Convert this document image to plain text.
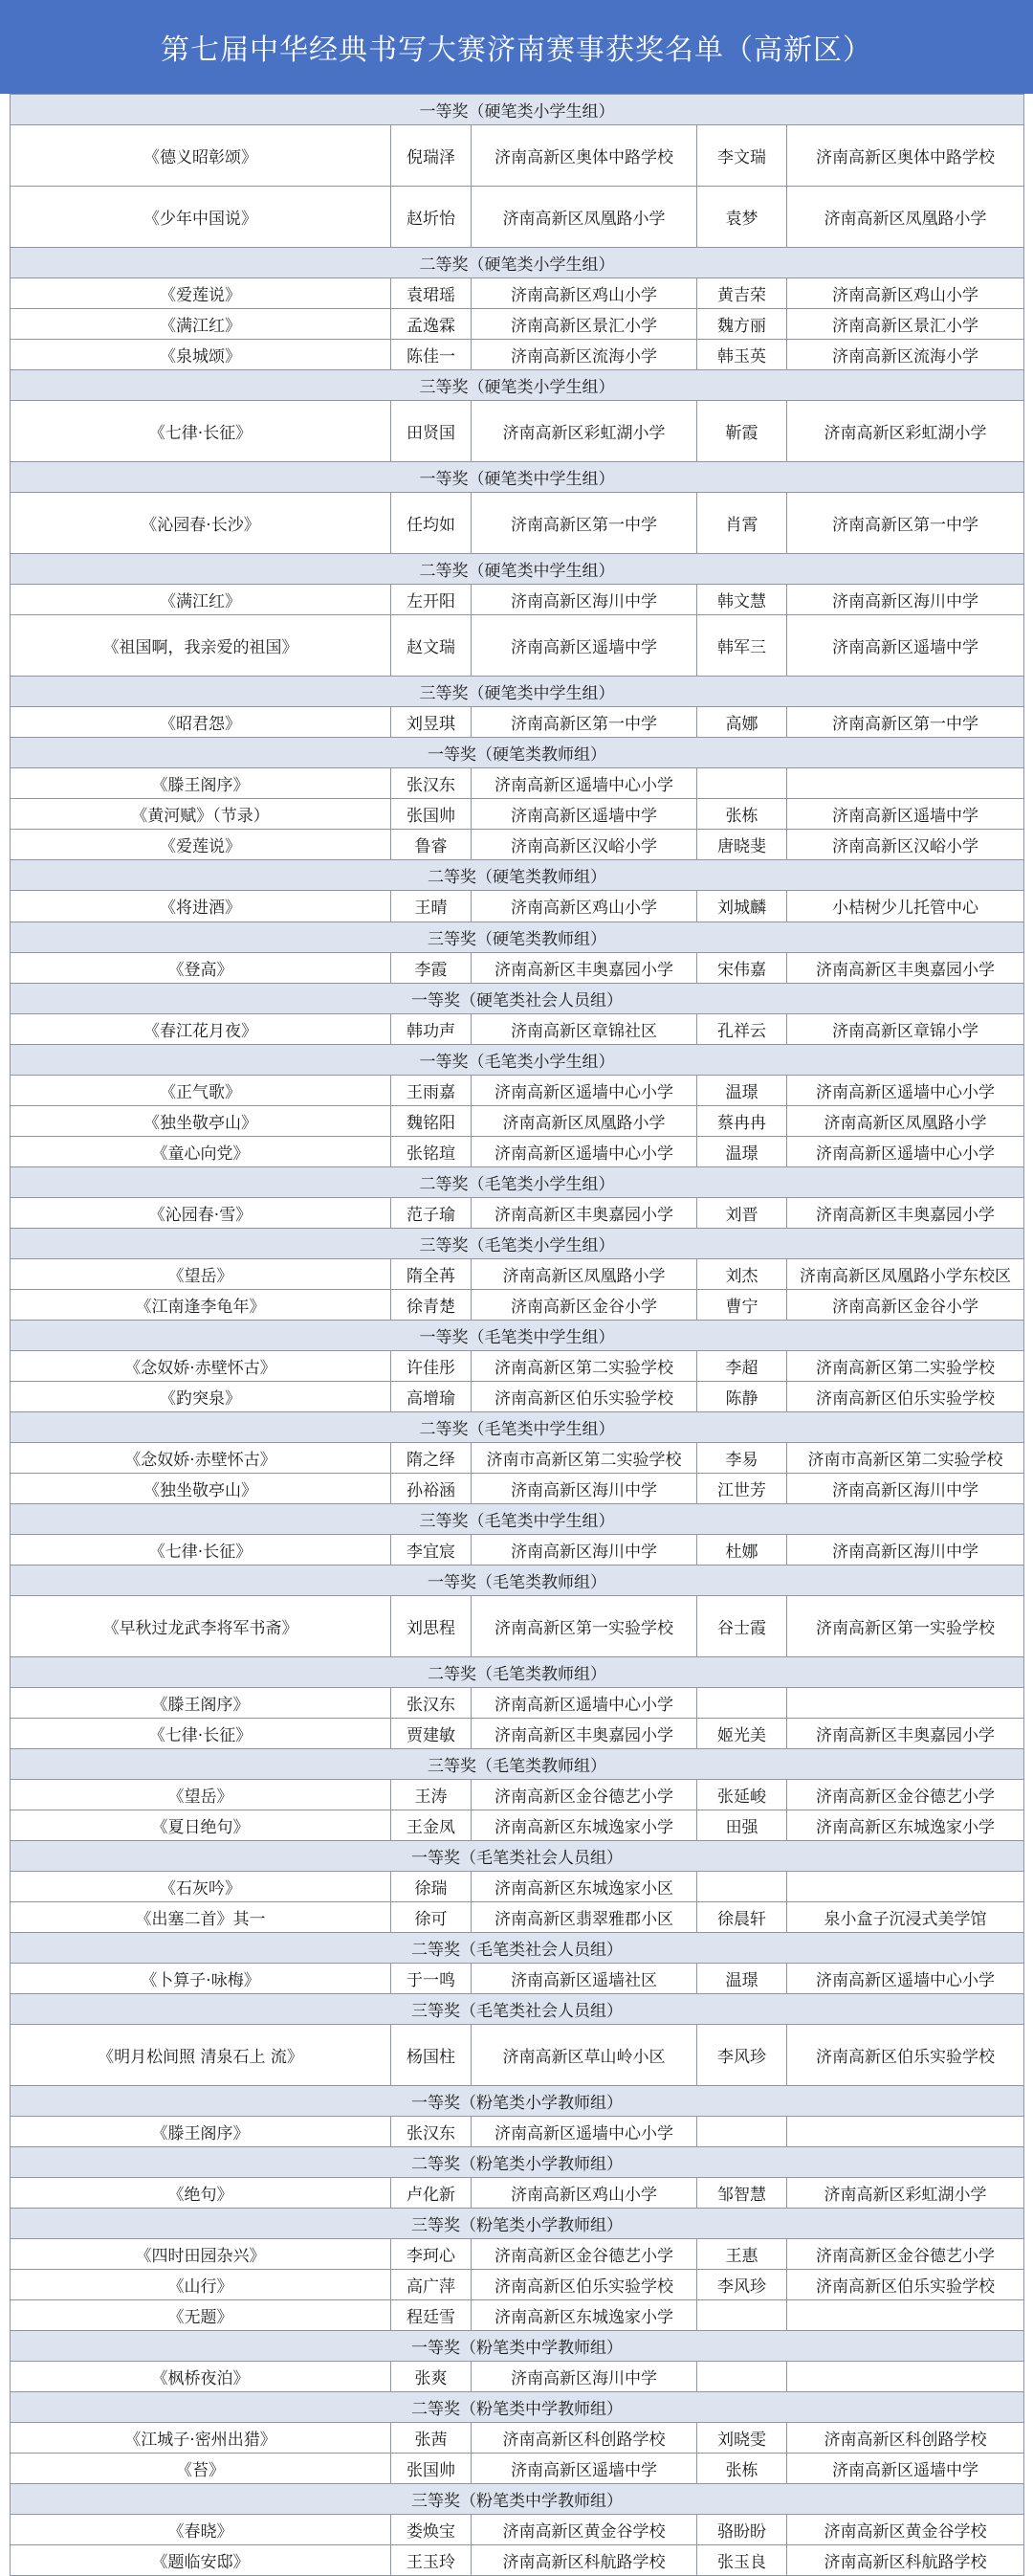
第七届中华经典书写大赛济南赛事获奖名单（高新区）
一等奖（硬笔类小学生组）				
《德义昭彰颂》	倪瑞泽	济南高新区奥体中路学校	李文瑞	济南高新区奥体中路学校
《少年中国说》	赵圻怡	济南高新区凤凰路小学	袁梦	济南高新区凤凰路小学
二等奖（硬笔类小学生组）				
《爱莲说》	袁珺瑶	济南高新区鸡山小学	黄吉荣	济南高新区鸡山小学
《满江红》	孟逸霖	济南高新区景汇小学	魏方丽	济南高新区景汇小学
《泉城颂》	陈佳一	济南高新区流海小学	韩玉英	济南高新区流海小学
三等奖（硬笔类小学生组）				
《七律·长征》	田贤国	济南高新区彩虹湖小学	靳霞	济南高新区彩虹湖小学
一等奖（硬笔类中学生组）				
《沁园春·长沙》	任均如	济南高新区第一中学	肖霄	济南高新区第一中学
二等奖（硬笔类中学生组）				
《满江红》	左开阳	济南高新区海川中学	韩文慧	济南高新区海川中学
《祖国啊，我亲爱的祖国》	赵文瑞	济南高新区遥墙中学	韩军三	济南高新区遥墙中学
三等奖（硬笔类中学生组）				
《昭君怨》	刘昱琪	济南高新区第一中学	高娜	济南高新区第一中学
一等奖（硬笔类教师组）				
《滕王阁序》	张汉东	济南高新区遥墙中心小学		
《黄河赋》（节录）	张国帅	济南高新区遥墙中学	张栋	济南高新区遥墙中学
《爱莲说》	鲁睿	济南高新区汉峪小学	唐晓斐	济南高新区汉峪小学
二等奖（硬笔类教师组）				
《将进酒》	王晴	济南高新区鸡山小学	刘城麟	小桔树少儿托管中心
三等奖（硬笔类教师组）				
《登高》	李霞	济南高新区丰奥嘉园小学	宋伟嘉	济南高新区丰奥嘉园小学
一等奖（硬笔类社会人员组）				
《春江花月夜》	韩功声	济南高新区章锦社区	孔祥云	济南高新区章锦小学
一等奖（毛笔类小学生组）				
《正气歌》	王雨嘉	济南高新区遥墙中心小学	温璟	济南高新区遥墙中心小学
《独坐敬亭山》	魏铭阳	济南高新区凤凰路小学	蔡冉冉	济南高新区凤凰路小学
《童心向党》	张铭瑄	济南高新区遥墙中心小学	温璟	济南高新区遥墙中心小学
二等奖（毛笔类小学生组）				
《沁园春·雪》	范子瑜	济南高新区丰奥嘉园小学	刘晋	济南高新区丰奥嘉园小学
三等奖（毛笔类小学生组）				
《望岳》	隋全苒	济南高新区凤凰路小学	刘杰	济南高新区凤凰路小学东校区
《江南逢李龟年》	徐青楚	济南高新区金谷小学	曹宁	济南高新区金谷小学
一等奖（毛笔类中学生组）				
《念奴娇·赤壁怀古》	许佳彤	济南高新区第二实验学校	李超	济南高新区第二实验学校
《趵突泉》	高增瑜	济南高新区伯乐实验学校	陈静	济南高新区伯乐实验学校
二等奖（毛笔类中学生组）				
《念奴娇·赤壁怀古》	隋之绎	济南市高新区第二实验学校	李易	济南市高新区第二实验学校
《独坐敬亭山》	孙裕涵	济南高新区海川中学	江世芳	济南高新区海川中学
三等奖（毛笔类中学生组）				
《七律·长征》	李宜宸	济南高新区海川中学	杜娜	济南高新区海川中学
一等奖（毛笔类教师组）				
《早秋过龙武李将军书斋》	刘思程	济南高新区第一实验学校	谷士霞	济南高新区第一实验学校
二等奖（毛笔类教师组）				
《滕王阁序》	张汉东	济南高新区遥墙中心小学		
《七律·长征》	贾建敏	济南高新区丰奥嘉园小学	姬光美	济南高新区丰奥嘉园小学
三等奖（毛笔类教师组）				
《望岳》	王涛	济南高新区金谷德艺小学	张延峻	济南高新区金谷德艺小学
《夏日绝句》	王金凤	济南高新区东城逸家小学	田强	济南高新区东城逸家小学
一等奖（毛笔类社会人员组）				
《石灰吟》	徐瑞	济南高新区东城逸家小区		
《出塞二首》其一	徐可	济南高新区翡翠雅郡小区	徐晨轩	泉小盒子沉浸式美学馆
二等奖（毛笔类社会人员组）				
《卜算子·咏梅》	于一鸣	济南高新区遥墙社区	温璟	济南高新区遥墙中心小学
三等奖（毛笔类社会人员组）				
《明月松间照 清泉石上 流》	杨国柱	济南高新区草山岭小区	李风珍	济南高新区伯乐实验学校
一等奖（粉笔类小学教师组）				
《滕王阁序》	张汉东	济南高新区遥墙中心小学		
二等奖（粉笔类小学教师组）				
《绝句》	卢化新	济南高新区鸡山小学	邹智慧	济南高新区彩虹湖小学
三等奖（粉笔类小学教师组）				
《四时田园杂兴》	李珂心	济南高新区金谷德艺小学	王惠	济南高新区金谷德艺小学
《山行》	高广萍	济南高新区伯乐实验学校	李风珍	济南高新区伯乐实验学校
《无题》	程廷雪	济南高新区东城逸家小学		
一等奖（粉笔类中学教师组）				
《枫桥夜泊》	张爽	济南高新区海川中学		
二等奖（粉笔类中学教师组）				
《江城子·密州出猎》	张茜	济南高新区科创路学校	刘晓雯	济南高新区科创路学校
《苔》	张国帅	济南高新区遥墙中学	张栋	济南高新区遥墙中学
三等奖（粉笔类中学教师组）				
《春晓》	娄焕宝	济南高新区黄金谷学校	骆盼盼	济南高新区黄金谷学校
《题临安邸》	王玉玲	济南高新区科航路学校	张玉良	济南高新区科航路学校
